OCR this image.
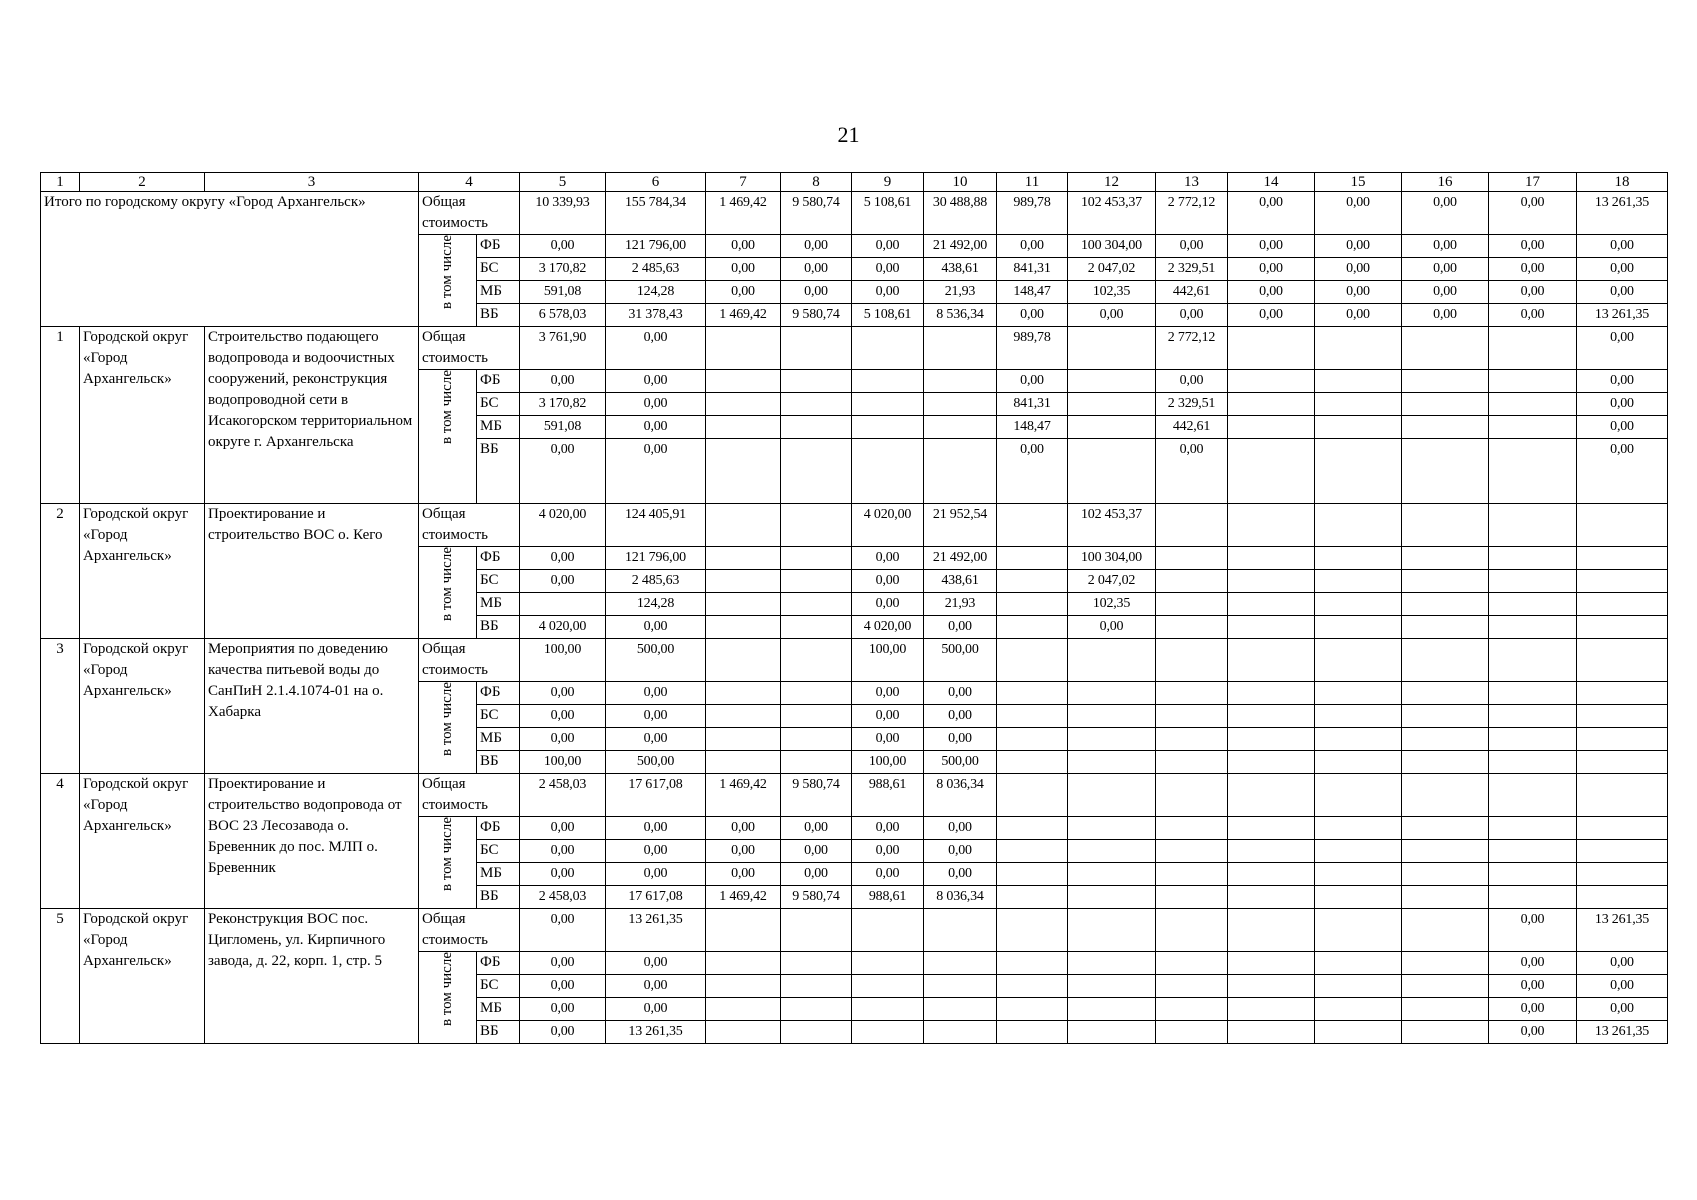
21
1	2	3	4		5	6	7	8	9	10	11	12	13	14	15	16	17	18
Итого по городскому округу «Город Архангельск»			Общая стоимость		10 339,93	155 784,34	1 469,42	9 580,74	5 108,61	30 488,88	989,78	102 453,37	2 772,12	0,00	0,00	0,00	0,00	13 261,35
			в том числе	ФБ	0,00	121 796,00	0,00	0,00	0,00	21 492,00	0,00	100 304,00	0,00	0,00	0,00	0,00	0,00	0,00
				БС	3 170,82	2 485,63	0,00	0,00	0,00	438,61	841,31	2 047,02	2 329,51	0,00	0,00	0,00	0,00	0,00
				МБ	591,08	124,28	0,00	0,00	0,00	21,93	148,47	102,35	442,61	0,00	0,00	0,00	0,00	0,00
				ВБ	6 578,03	31 378,43	1 469,42	9 580,74	5 108,61	8 536,34	0,00	0,00	0,00	0,00	0,00	0,00	0,00	13 261,35
1	Городской округ «Город Архангельск»	Строительство подающего водопровода и водоочистных сооружений, реконструкция водопроводной сети в Исакогорском территориальном округе г. Архангельска	Общая стоимость		3 761,90	0,00					989,78		2 772,12					0,00
			в том числе	ФБ	0,00	0,00					0,00		0,00					0,00
				БС	3 170,82	0,00					841,31		2 329,51					0,00
				МБ	591,08	0,00					148,47		442,61					0,00
				ВБ	0,00	0,00					0,00		0,00					0,00
2	Городской округ «Город Архангельск»	Проектирование и строительство ВОС о. Кего	Общая стоимость		4 020,00	124 405,91			4 020,00	21 952,54		102 453,37						
			в том числе	ФБ	0,00	121 796,00			0,00	21 492,00		100 304,00						
				БС	0,00	2 485,63			0,00	438,61		2 047,02						
				МБ		124,28			0,00	21,93		102,35						
				ВБ	4 020,00	0,00			4 020,00	0,00		0,00						
3	Городской округ «Город Архангельск»	Мероприятия по доведению качества питьевой воды до СанПиН 2.1.4.1074-01 на о. Хабарка	Общая стоимость		100,00	500,00			100,00	500,00								
			в том числе	ФБ	0,00	0,00			0,00	0,00								
				БС	0,00	0,00			0,00	0,00								
				МБ	0,00	0,00			0,00	0,00								
				ВБ	100,00	500,00			100,00	500,00								
4	Городской округ «Город Архангельск»	Проектирование и строительство водопровода от ВОС 23 Лесозавода о. Бревенник до пос. МЛП о. Бревенник	Общая стоимость		2 458,03	17 617,08	1 469,42	9 580,74	988,61	8 036,34								
			в том числе	ФБ	0,00	0,00	0,00	0,00	0,00	0,00								
				БС	0,00	0,00	0,00	0,00	0,00	0,00								
				МБ	0,00	0,00	0,00	0,00	0,00	0,00								
				ВБ	2 458,03	17 617,08	1 469,42	9 580,74	988,61	8 036,34								
5	Городской округ «Город Архангельск»	Реконструкция ВОС пос. Цигломень, ул. Кирпичного завода, д. 22, корп. 1, стр. 5	Общая стоимость		0,00	13 261,35											0,00	13 261,35
			в том числе	ФБ	0,00	0,00											0,00	0,00
				БС	0,00	0,00											0,00	0,00
				МБ	0,00	0,00											0,00	0,00
				ВБ	0,00	13 261,35											0,00	13 261,35
